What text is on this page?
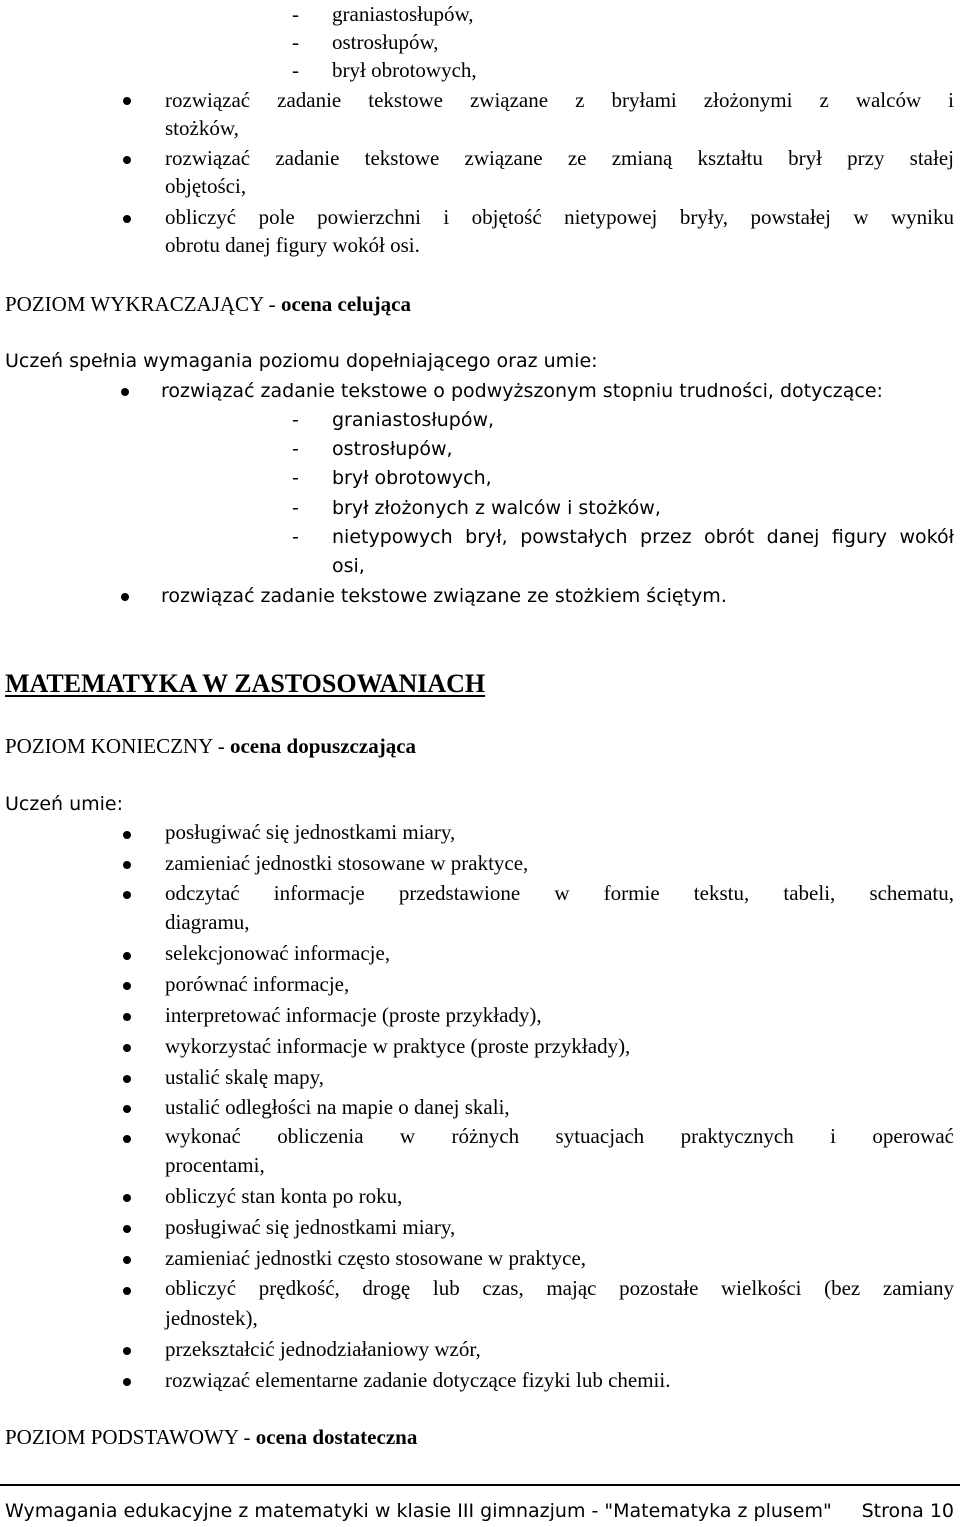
- graniastosłupów,
- ostrosłupów,
- brył obrotowych,
rozwiązać zadanie tekstowe związane z bryłami złożonymi z walców i
stożków,
rozwiązać zadanie tekstowe związane ze zmianą kształtu brył przy stałej
objętości,
obliczyć pole powierzchni i objętość nietypowej bryły, powstałej w wyniku
obrotu danej figury wokół osi.
POZIOM WYKRACZAJĄCY - ocena celująca
Uczeń spełnia wymagania poziomu dopełniającego oraz umie:
rozwiązać zadanie tekstowe o podwyższonym stopniu trudności, dotyczące:
- graniastosłupów,
- ostrosłupów,
- brył obrotowych,
- brył złożonych z walców i stożków,
- nietypowych brył, powstałych przez obrót danej figury wokół
osi,
rozwiązać zadanie tekstowe związane ze stożkiem ściętym.
MATEMATYKA W ZASTOSOWANIACH
POZIOM KONIECZNY - ocena dopuszczająca
Uczeń umie:
posługiwać się jednostkami miary,
zamieniać jednostki stosowane w praktyce,
odczytać informacje przedstawione w formie tekstu, tabeli, schematu,
diagramu,
selekcjonować informacje,
porównać informacje,
interpretować informacje (proste przykłady),
wykorzystać informacje w praktyce (proste przykłady),
ustalić skalę mapy,
ustalić odległości na mapie o danej skali,
wykonać obliczenia w różnych sytuacjach praktycznych i operować
procentami,
obliczyć stan konta po roku,
posługiwać się jednostkami miary,
zamieniać jednostki często stosowane w praktyce,
obliczyć prędkość, drogę lub czas, mając pozostałe wielkości (bez zamiany
jednostek),
przekształcić jednodziałaniowy wzór,
rozwiązać elementarne zadanie dotyczące fizyki lub chemii.
POZIOM PODSTAWOWY - ocena dostateczna
Wymagania edukacyjne z matematyki w klasie III gimnazjum - "Matematyka z plusem" Strona 10
